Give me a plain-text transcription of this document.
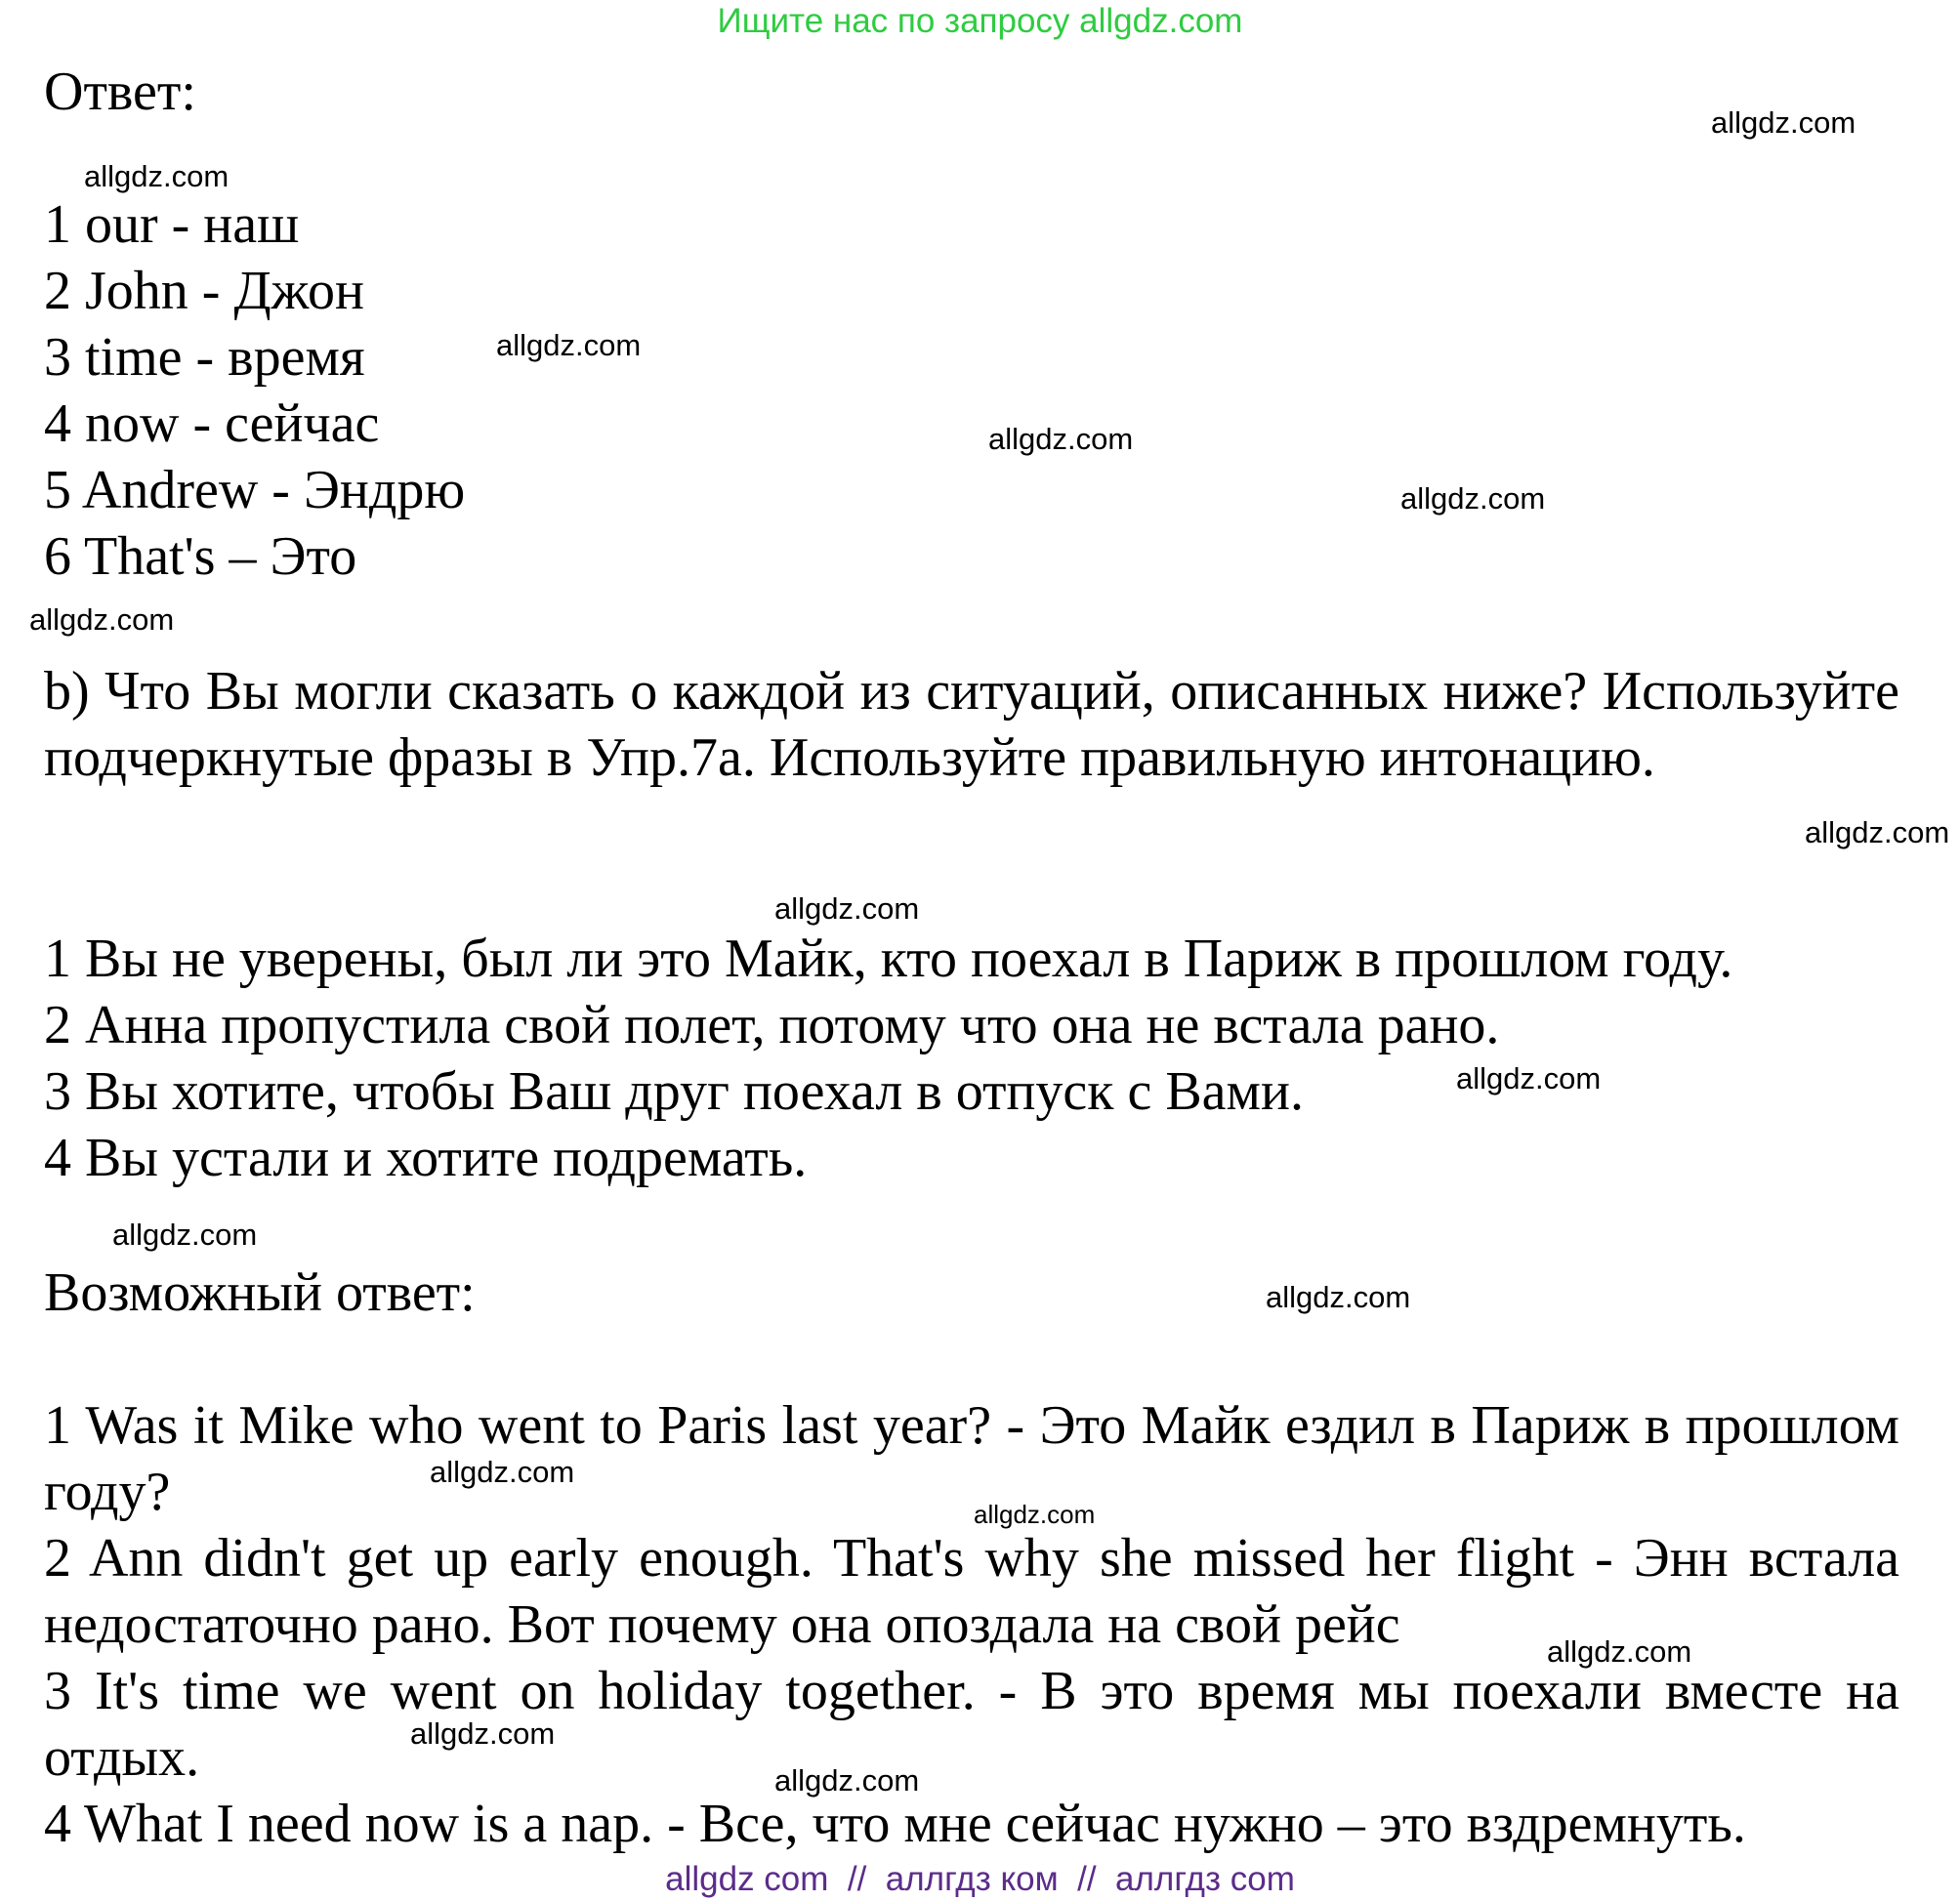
Ищите нас по запросу allgdz.com

Ответ:

1 our - наш

2 John - Джон

3 time - время

4 now - сейчас

5 Andrew - Эндрю

6 That's – Это

b) Что Вы могли сказать о каждой из ситуаций, описанных ниже? Используйте подчеркнутые фразы в Упр.7а. Используйте правильную интонацию.

1 Вы не уверены, был ли это Майк, кто поехал в Париж в прошлом году.

2 Анна пропустила свой полет, потому что она не встала рано.

3 Вы хотите, чтобы Ваш друг поехал в отпуск с Вами.

4 Вы устали и хотите подремать.

Возможный ответ:

1 Was it Mike who went to Paris last year? - Это Майк ездил в Париж в прошлом году?

2 Ann didn't get up early enough. That's why she missed her flight - Энн встала недостаточно рано. Вот почему она опоздала на свой рейс

3 It's time we went on holiday together. - В это время мы поехали вместе на отдых.

4 What I need now is a nap. - Все, что мне сейчас нужно – это вздремнуть.

allgdz.com
allgdz.com
allgdz.com
allgdz.com
allgdz.com
allgdz.com
allgdz.com
allgdz.com
allgdz.com
allgdz.com
allgdz.com
allgdz.com
allgdz.com
allgdz.com
allgdz.com
allgdz.com
allgdz com  //  аллгдз ком  //  аллгдз com
